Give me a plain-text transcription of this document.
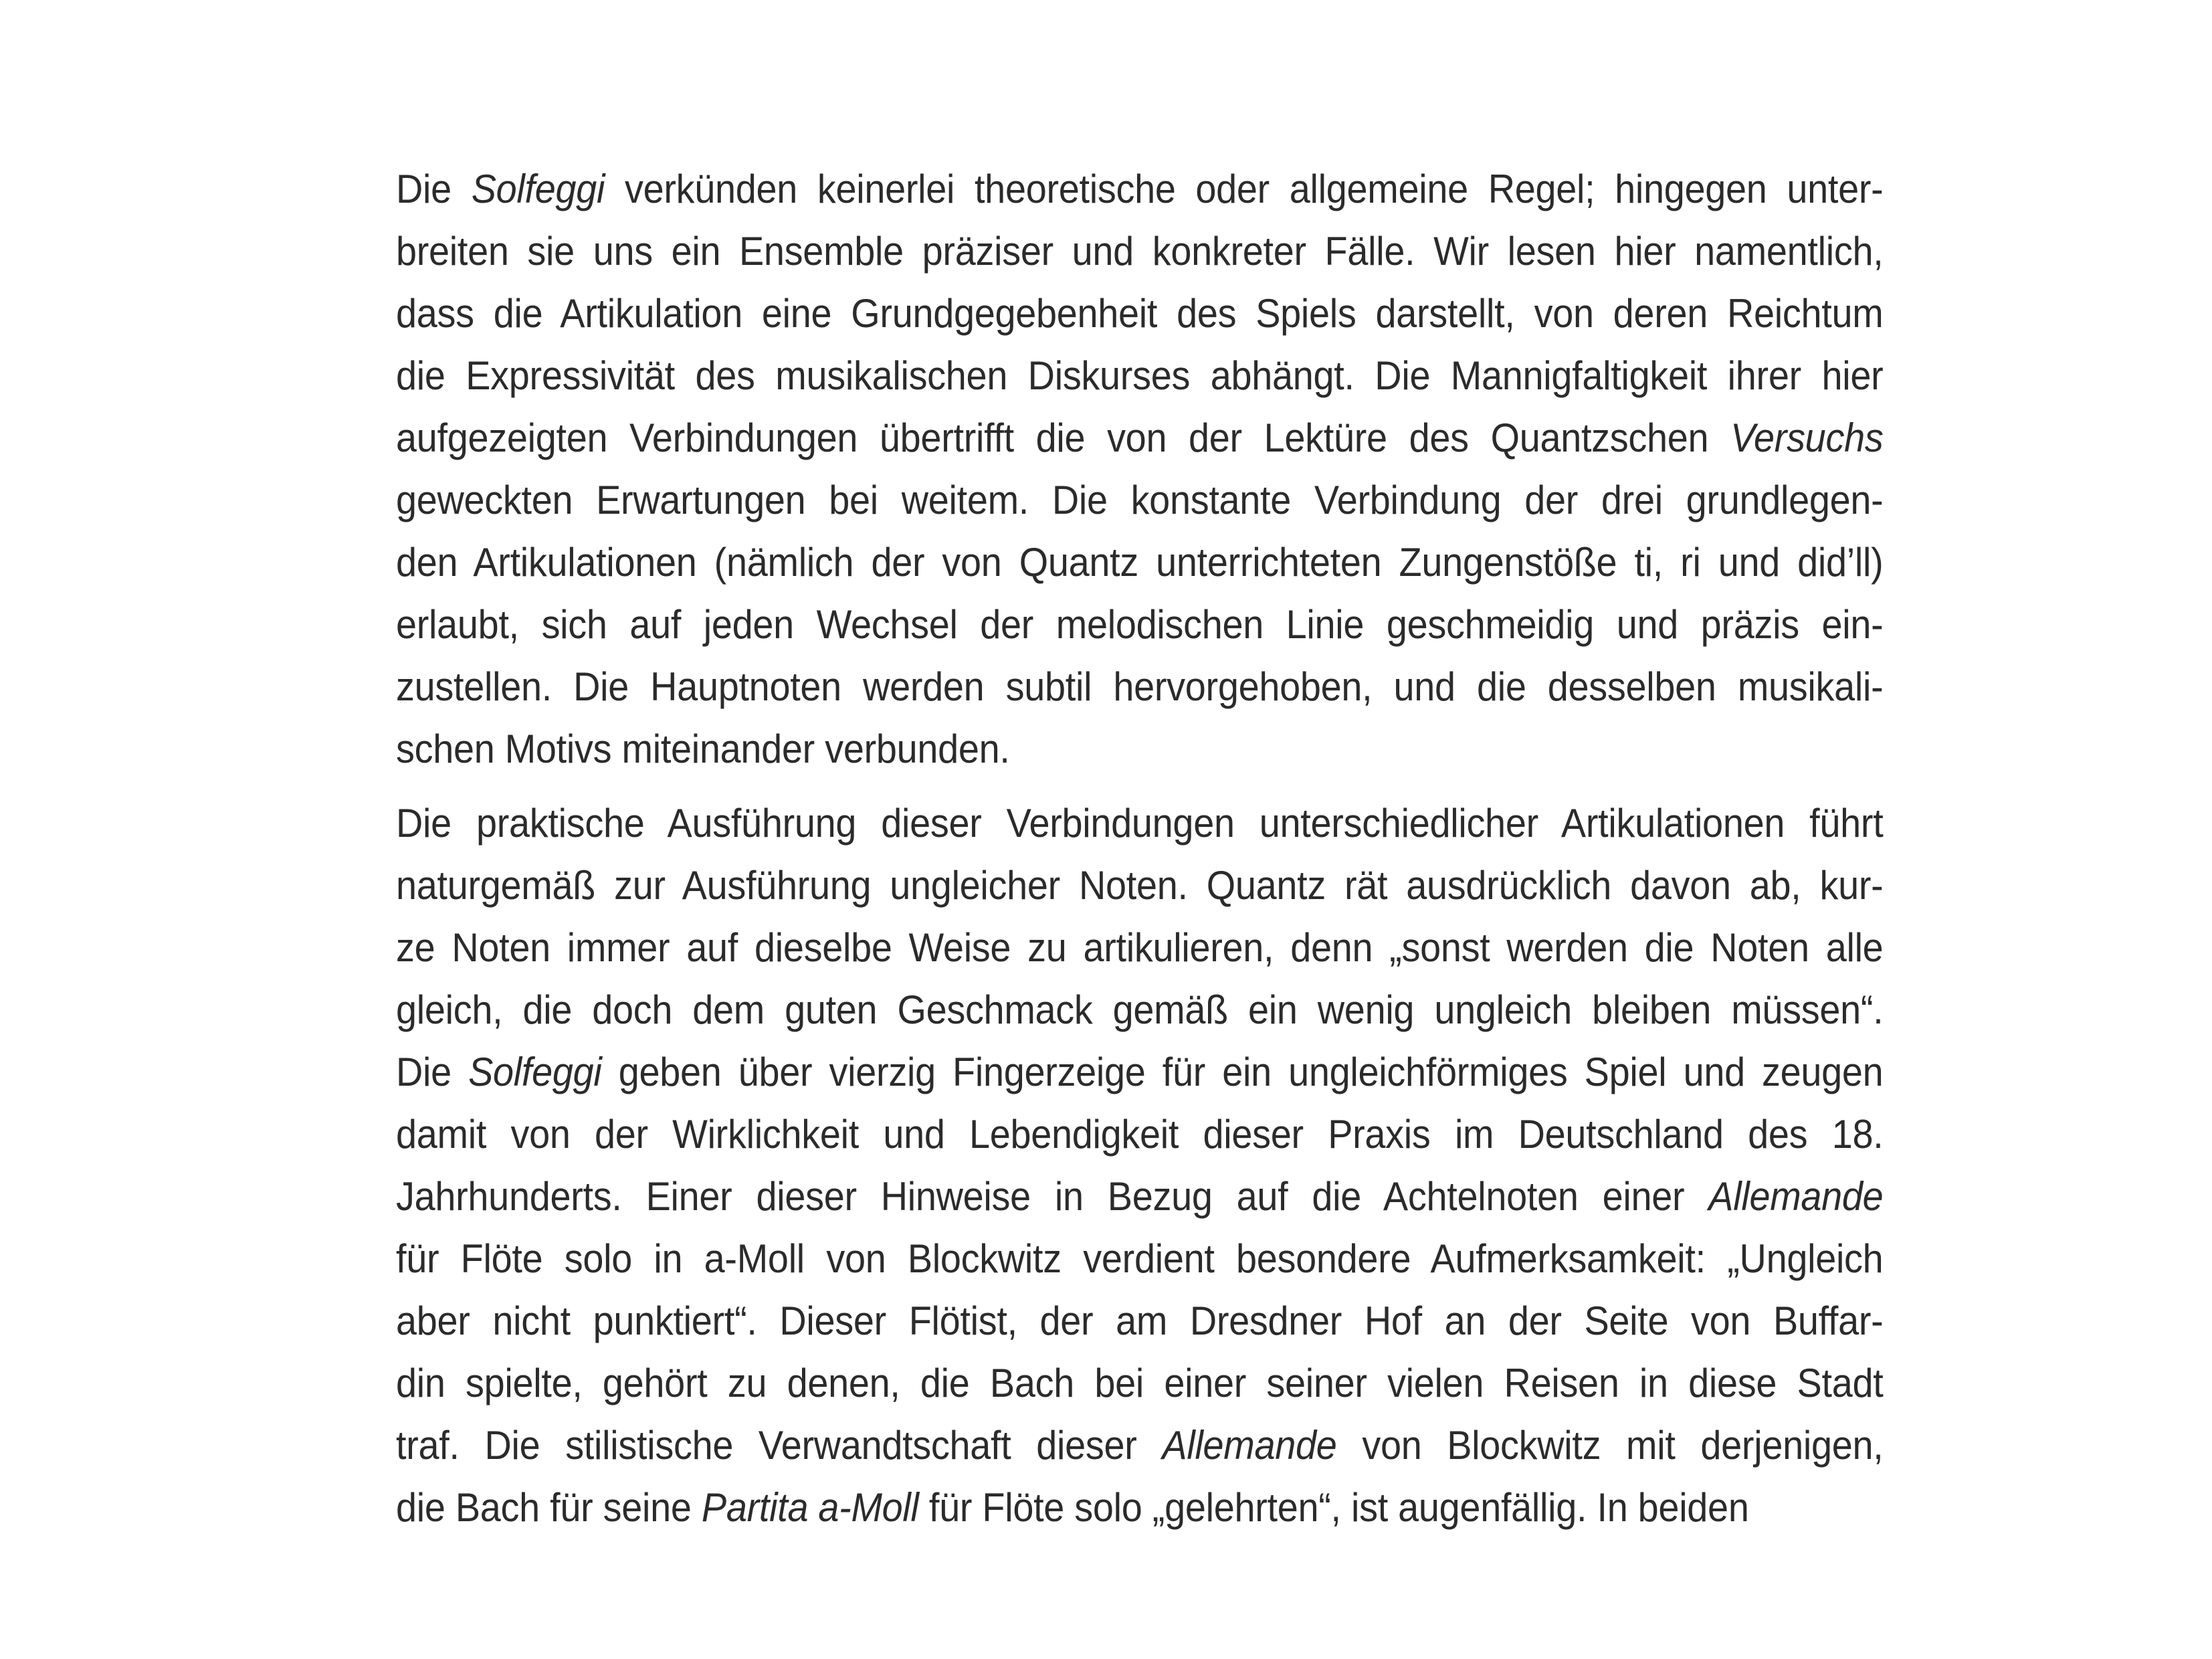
Die Solfeggi verkünden keinerlei theoretische oder allgemeine Regel; hingegen unter-
breiten sie uns ein Ensemble präziser und konkreter Fälle. Wir lesen hier namentlich,
dass die Artikulation eine Grundgegebenheit des Spiels darstellt, von deren Reichtum
die Expressivität des musikalischen Diskurses abhängt. Die Mannigfaltigkeit ihrer hier
aufgezeigten Verbindungen übertrifft die von der Lektüre des Quantzschen Versuchs
geweckten Erwartungen bei weitem. Die konstante Verbindung der drei grundlegen-
den Artikulationen (nämlich der von Quantz unterrichteten Zungenstöße ti, ri und did’ll)
erlaubt, sich auf jeden Wechsel der melodischen Linie geschmeidig und präzis ein-
zustellen. Die Hauptnoten werden subtil hervorgehoben, und die desselben musikali-
schen Motivs miteinander verbunden.
Die praktische Ausführung dieser Verbindungen unterschiedlicher Artikulationen führt
naturgemäß zur Ausführung ungleicher Noten. Quantz rät ausdrücklich davon ab, kur-
ze Noten immer auf dieselbe Weise zu artikulieren, denn „sonst werden die Noten alle
gleich, die doch dem guten Geschmack gemäß ein wenig ungleich bleiben müssen“.
Die Solfeggi geben über vierzig Fingerzeige für ein ungleichförmiges Spiel und zeugen
damit von der Wirklichkeit und Lebendigkeit dieser Praxis im Deutschland des 18.
Jahrhunderts. Einer dieser Hinweise in Bezug auf die Achtelnoten einer Allemande
für Flöte solo in a-Moll von Blockwitz verdient besondere Aufmerksamkeit: „Ungleich
aber nicht punktiert“. Dieser Flötist, der am Dresdner Hof an der Seite von Buffar-
din spielte, gehört zu denen, die Bach bei einer seiner vielen Reisen in diese Stadt
traf. Die stilistische Verwandtschaft dieser Allemande von Blockwitz mit derjenigen,
die Bach für seine Partita a-Moll für Flöte solo „gelehrten“, ist augenfällig. In beiden
